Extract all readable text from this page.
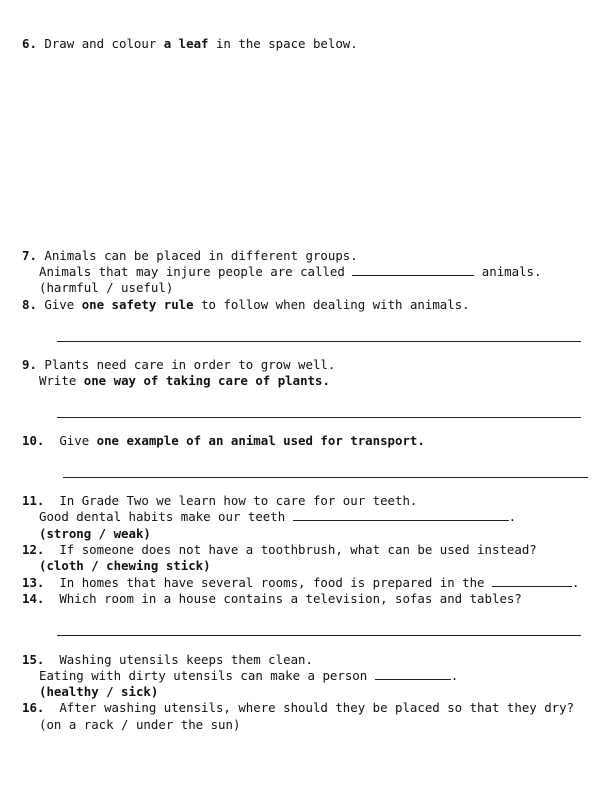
6. Draw and colour a leaf in the space below.
7. Animals can be placed in different groups.
Animals that may injure people are called	animals.
(harmful / useful)
8. Give one safety rule to follow when dealing with animals.
9. Plants need care in order to grow well.
Write one way of taking care of plants.
10. Give one example of an animal used for transport.
11. In Grade Two we learn how to care for our teeth.
Good dental habits make our teeth	.
(strong / weak)
12. If someone does not have a toothbrush, what can be used instead?
(cloth / chewing stick)
13. In homes that have several rooms, food is prepared in the	.
14. Which room in a house contains a television, sofas and tables?
15. Washing utensils keeps them clean.
Eating with dirty utensils can make a person	.
(healthy / sick)
16. After washing utensils, where should they be placed so that they dry?
(on a rack / under the sun)
